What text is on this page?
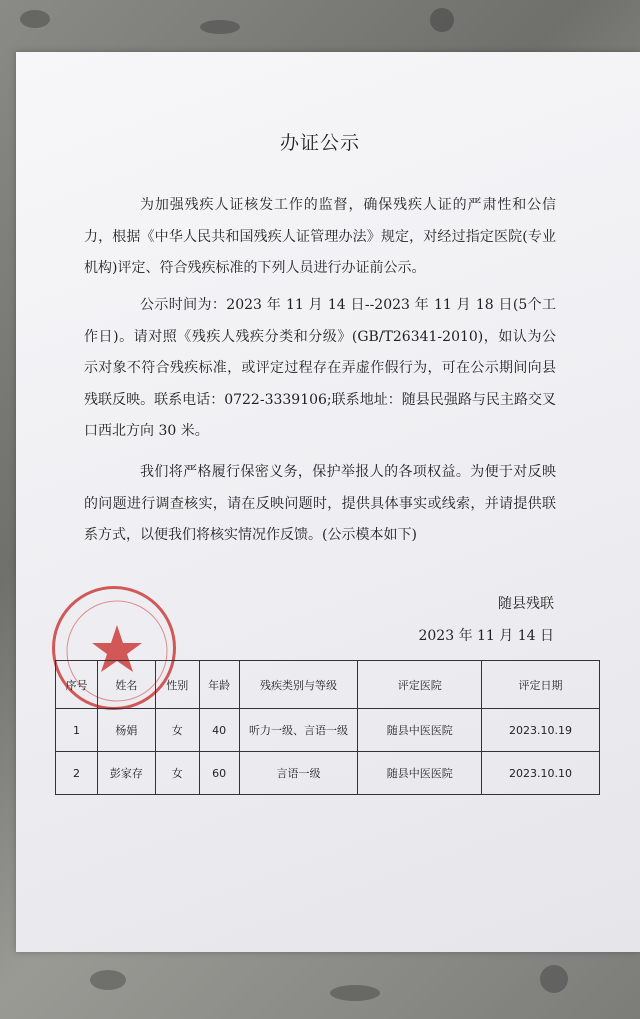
办证公示

为加强残疾人证核发工作的监督，确保残疾人证的严肃性和公信力，根据《中华人民共和国残疾人证管理办法》规定，对经过指定医院(专业机构)评定、符合残疾标准的下列人员进行办证前公示。

公示时间为：2023 年 11 月 14 日--2023 年 11 月 18 日(5个工作日)。请对照《残疾人残疾分类和分级》(GB/T26341-2010)，如认为公示对象不符合残疾标准，或评定过程存在弄虚作假行为，可在公示期间向县残联反映。联系电话：0722-3339106;联系地址：随县民强路与民主路交叉口西北方向 30 米。

我们将严格履行保密义务，保护举报人的各项权益。为便于对反映的问题进行调查核实，请在反映问题时，提供具体事实或线索，并请提供联系方式，以便我们将核实情况作反馈。(公示模本如下)

随县残联
2023 年 11 月 14 日
序号	姓名	性别	年龄	残疾类别与等级	评定医院	评定日期
1	杨娟	女	40	听力一级、言语一级	随县中医医院	2023.10.19
2	彭家存	女	60	言语一级	随县中医医院	2023.10.10
